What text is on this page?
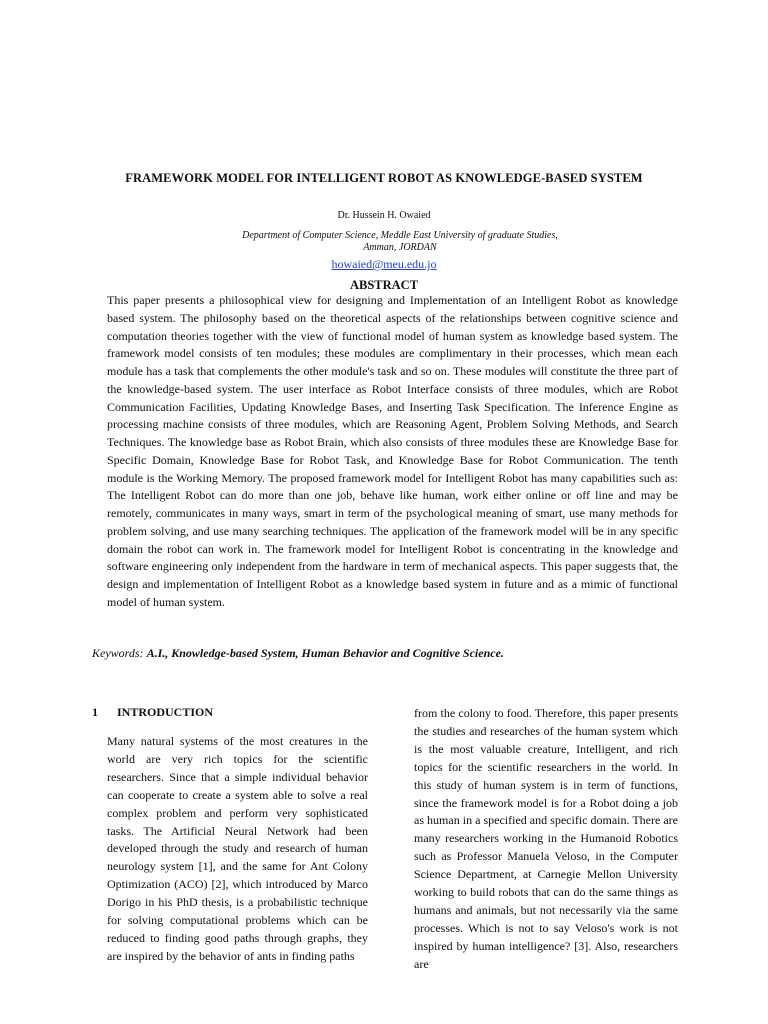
FRAMEWORK MODEL FOR INTELLIGENT ROBOT AS KNOWLEDGE-BASED SYSTEM
Dr. Hussein H. Owaied
Department of Computer Science, Meddle East University of graduate Studies,
Amman, JORDAN
howaied@meu.edu.jo
ABSTRACT
This paper presents a philosophical view for designing and Implementation of an Intelligent Robot as knowledge based system. The philosophy based on the theoretical aspects of the relationships between cognitive science and computation theories together with the view of functional model of human system as knowledge based system. The framework model consists of ten modules; these modules are complimentary in their processes, which mean each module has a task that complements the other module's task and so on. These modules will constitute the three part of the knowledge-based system. The user interface as Robot Interface consists of three modules, which are Robot Communication Facilities, Updating Knowledge Bases, and Inserting Task Specification. The Inference Engine as processing machine consists of three modules, which are Reasoning Agent, Problem Solving Methods, and Search Techniques. The knowledge base as Robot Brain, which also consists of three modules these are Knowledge Base for Specific Domain, Knowledge Base for Robot Task, and Knowledge Base for Robot Communication. The tenth module is the Working Memory. The proposed framework model for Intelligent Robot has many capabilities such as: The Intelligent Robot can do more than one job, behave like human, work either online or off line and may be remotely, communicates in many ways, smart in term of the psychological meaning of smart, use many methods for problem solving, and use many searching techniques. The application of the framework model will be in any specific domain the robot can work in. The framework model for Intelligent Robot is concentrating in the knowledge and software engineering only independent from the hardware in term of mechanical aspects. This paper suggests that, the design and implementation of Intelligent Robot as a knowledge based system in future and as a mimic of functional model of human system.
Keywords: A.I., Knowledge-based System, Human Behavior and Cognitive Science.
1 INTRODUCTION
Many natural systems of the most creatures in the world are very rich topics for the scientific researchers. Since that a simple individual behavior can cooperate to create a system able to solve a real complex problem and perform very sophisticated tasks. The Artificial Neural Network had been developed through the study and research of human neurology system [1], and the same for Ant Colony Optimization (ACO) [2], which introduced by Marco Dorigo in his PhD thesis, is a probabilistic technique for solving computational problems which can be reduced to finding good paths through graphs, they are inspired by the behavior of ants in finding paths
from the colony to food. Therefore, this paper presents the studies and researches of the human system which is the most valuable creature, Intelligent, and rich topics for the scientific researchers in the world. In this study of human system is in term of functions, since the framework model is for a Robot doing a job as human in a specified and specific domain. There are many researchers working in the Humanoid Robotics such as Professor Manuela Veloso, in the Computer Science Department, at Carnegie Mellon University working to build robots that can do the same things as humans and animals, but not necessarily via the same processes. Which is not to say Veloso's work is not inspired by human intelligence? [3]. Also, researchers are
